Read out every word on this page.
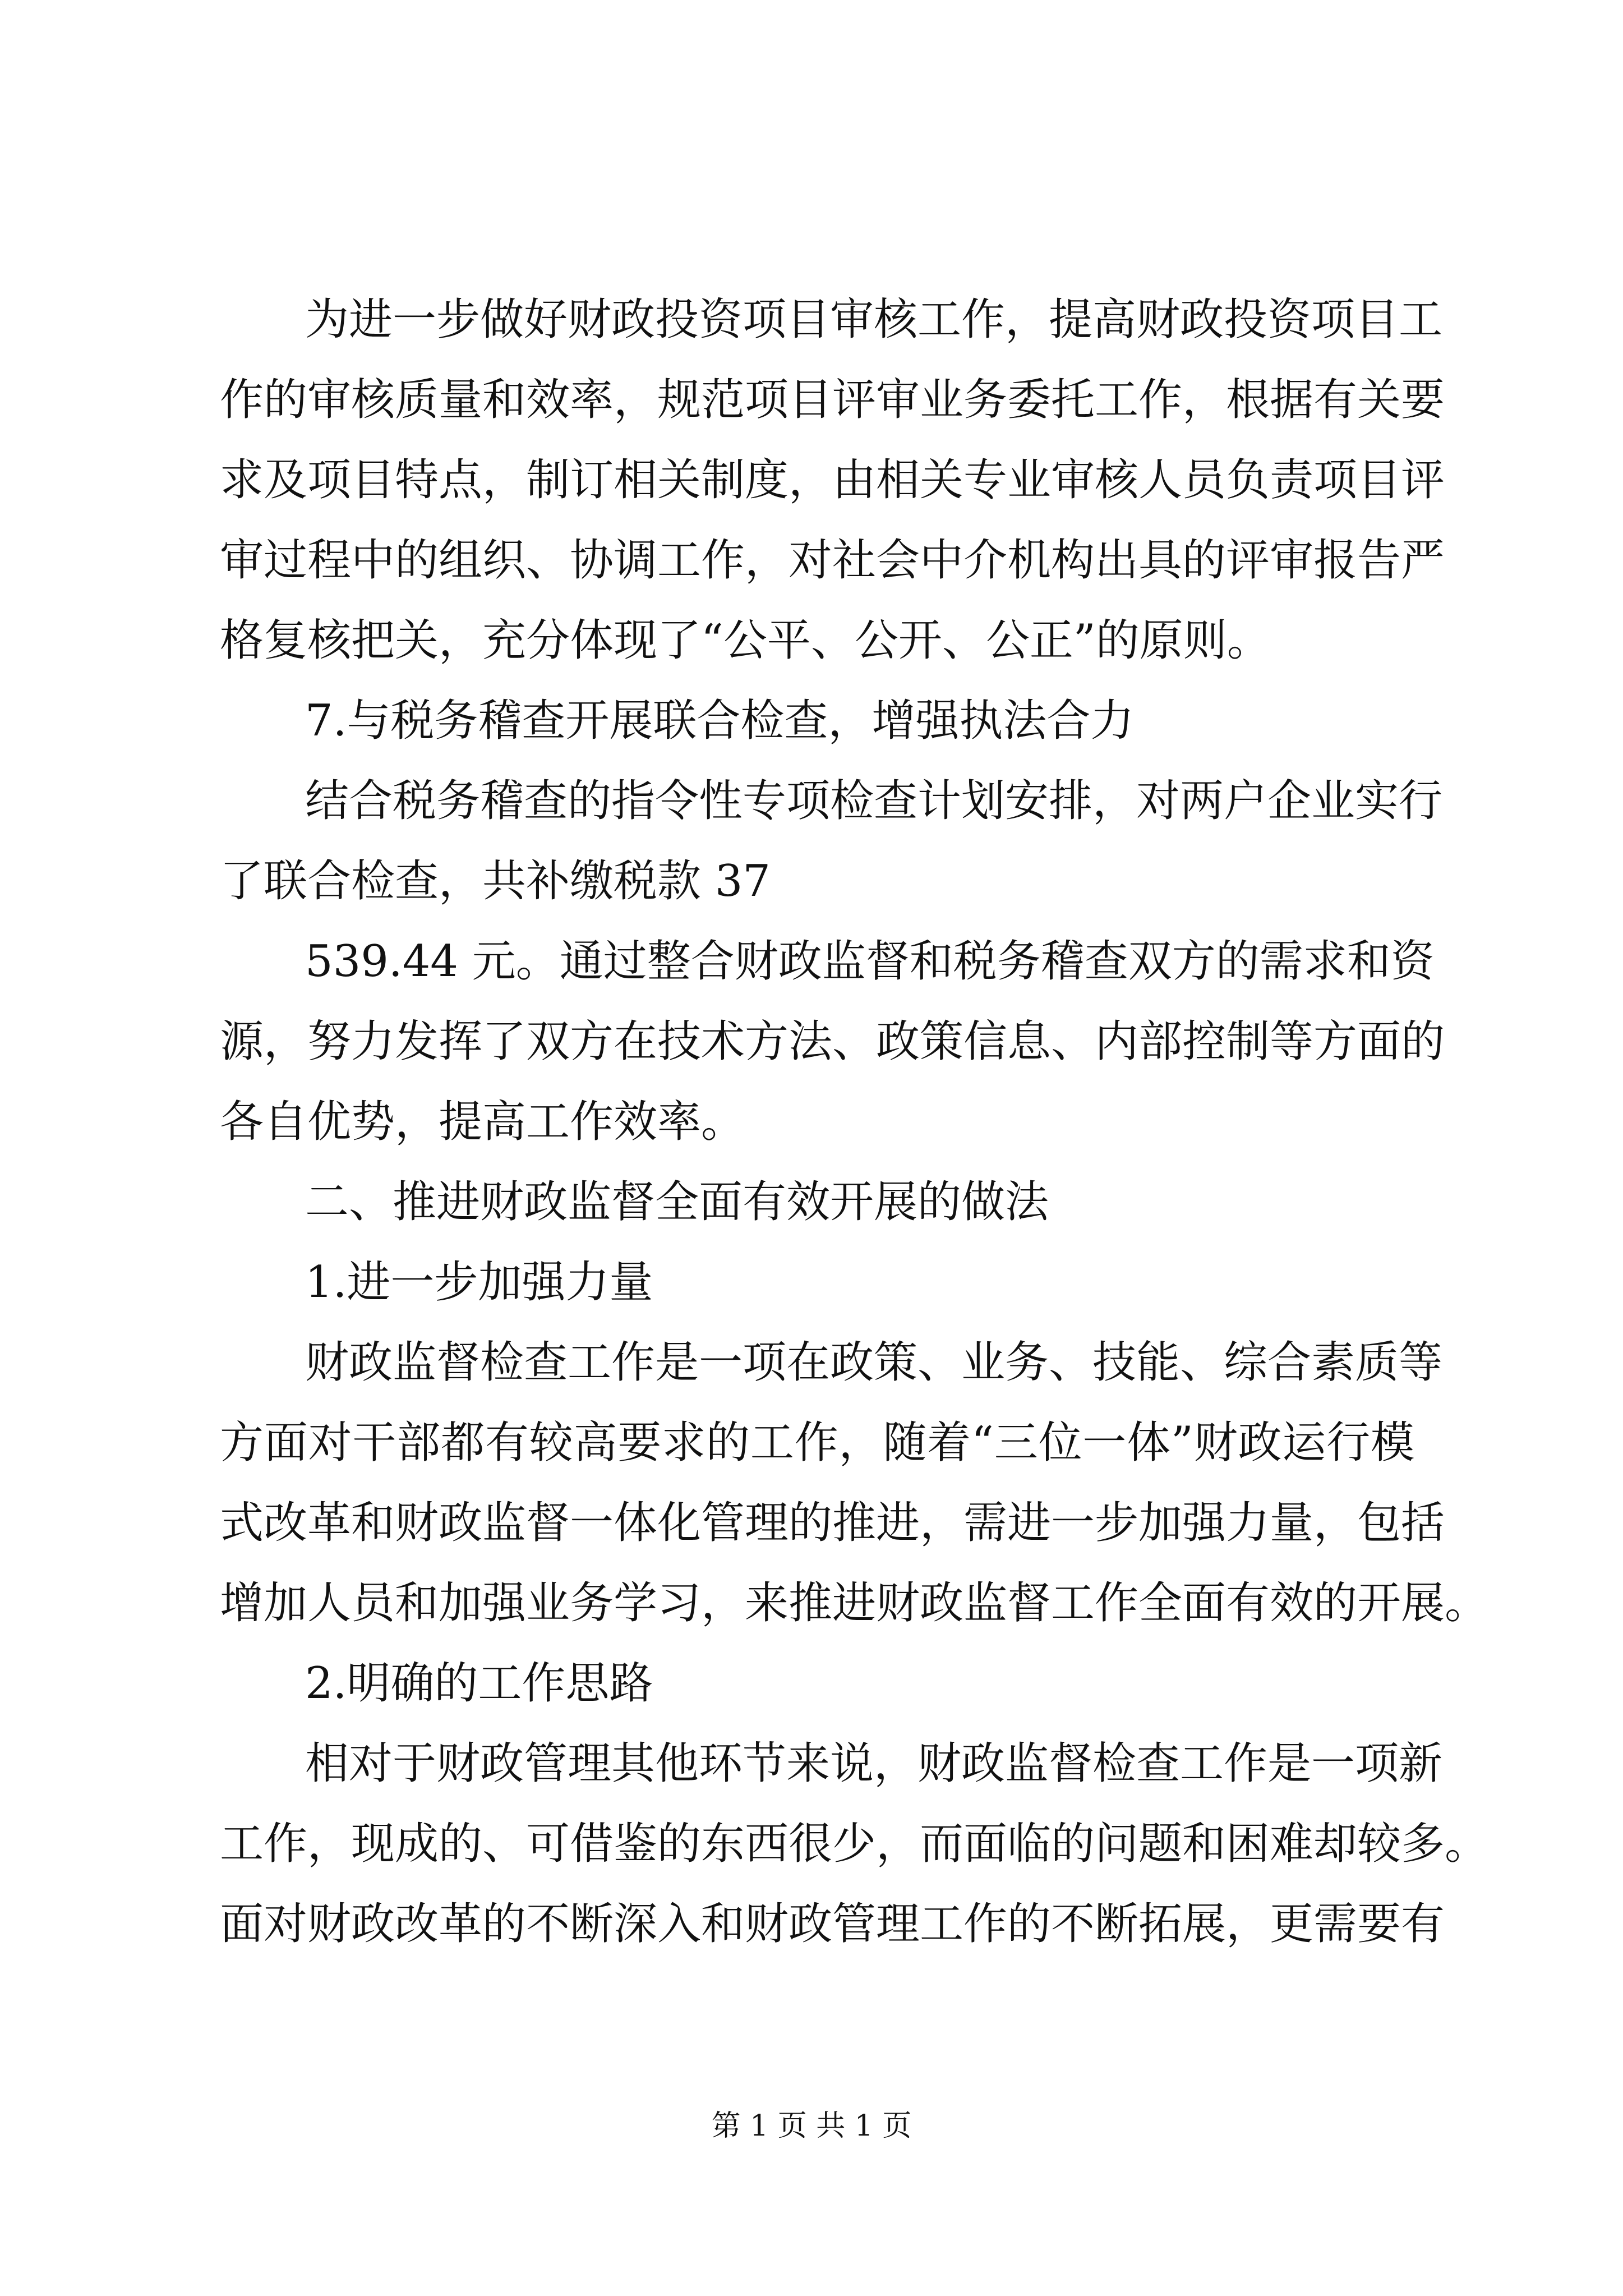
为进一步做好财政投资项目审核工作，提高财政投资项目工
作的审核质量和效率，规范项目评审业务委托工作，根据有关要
求及项目特点，制订相关制度，由相关专业审核人员负责项目评
审过程中的组织、协调工作，对社会中介机构出具的评审报告严
格复核把关，充分体现了“公平、公开、公正”的原则。
7.与税务稽查开展联合检查，增强执法合力
结合税务稽查的指令性专项检查计划安排，对两户企业实行
了联合检查，共补缴税款 37
539.44 元。通过整合财政监督和税务稽查双方的需求和资
源，努力发挥了双方在技术方法、政策信息、内部控制等方面的
各自优势，提高工作效率。
二、推进财政监督全面有效开展的做法
1.进一步加强力量
财政监督检查工作是一项在政策、业务、技能、综合素质等
方面对干部都有较高要求的工作，随着“三位一体”财政运行模
式改革和财政监督一体化管理的推进，需进一步加强力量，包括
增加人员和加强业务学习，来推进财政监督工作全面有效的开展。
2.明确的工作思路
相对于财政管理其他环节来说，财政监督检查工作是一项新
工作，现成的、可借鉴的东西很少，而面临的问题和困难却较多。
面对财政改革的不断深入和财政管理工作的不断拓展，更需要有
第 1 页 共 1 页
